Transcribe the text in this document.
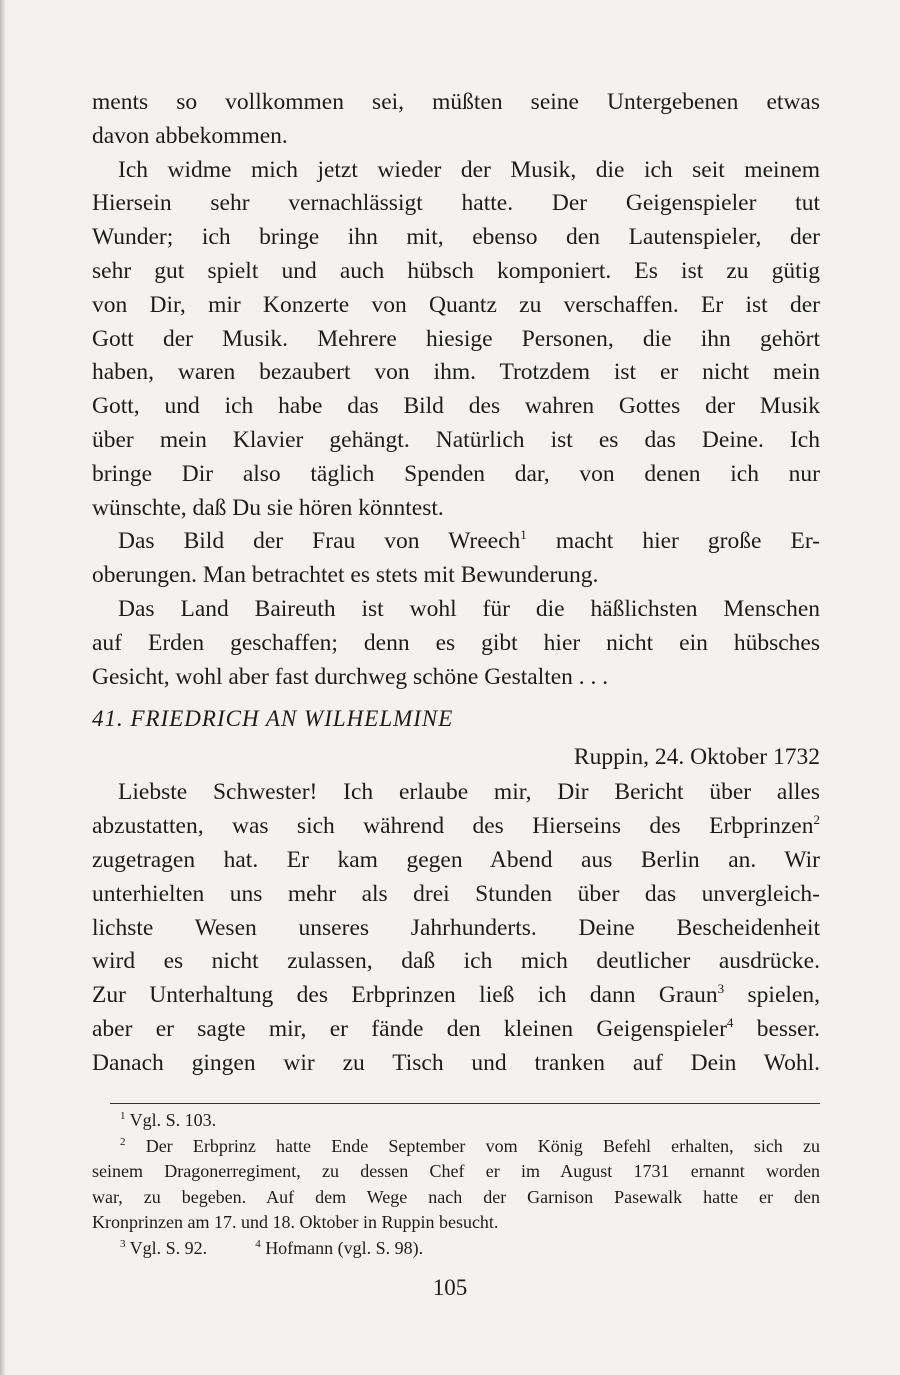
ments so vollkommen sei, müßten seine Untergebenen etwas
davon abbekommen.
Ich widme mich jetzt wieder der Musik, die ich seit meinem
Hiersein sehr vernachlässigt hatte. Der Geigenspieler tut
Wunder; ich bringe ihn mit, ebenso den Lautenspieler, der
sehr gut spielt und auch hübsch komponiert. Es ist zu gütig
von Dir, mir Konzerte von Quantz zu verschaffen. Er ist der
Gott der Musik. Mehrere hiesige Personen, die ihn gehört
haben, waren bezaubert von ihm. Trotzdem ist er nicht mein
Gott, und ich habe das Bild des wahren Gottes der Musik
über mein Klavier gehängt. Natürlich ist es das Deine. Ich
bringe Dir also täglich Spenden dar, von denen ich nur
wünschte, daß Du sie hören könntest.
Das Bild der Frau von Wreech$^1$ macht hier große Er-
oberungen. Man betrachtet es stets mit Bewunderung.
Das Land Baireuth ist wohl für die häßlichsten Menschen
auf Erden geschaffen; denn es gibt hier nicht ein hübsches
Gesicht, wohl aber fast durchweg schöne Gestalten . . .
41. FRIEDRICH AN WILHELMINE
Ruppin, 24. Oktober 1732
Liebste Schwester! Ich erlaube mir, Dir Bericht über alles
abzustatten, was sich während des Hierseins des Erbprinzen$^2$
zugetragen hat. Er kam gegen Abend aus Berlin an. Wir
unterhielten uns mehr als drei Stunden über das unvergleich-
lichste Wesen unseres Jahrhunderts. Deine Bescheidenheit
wird es nicht zulassen, daß ich mich deutlicher ausdrücke.
Zur Unterhaltung des Erbprinzen ließ ich dann Graun$^3$ spielen,
aber er sagte mir, er fände den kleinen Geigenspieler$^4$ besser.
Danach gingen wir zu Tisch und tranken auf Dein Wohl.
$^1$ Vgl. S. 103.
$^2$ Der Erbprinz hatte Ende September vom König Befehl erhalten, sich zu
seinem Dragonerregiment, zu dessen Chef er im August 1731 ernannt worden
war, zu begeben. Auf dem Wege nach der Garnison Pasewalk hatte er den
Kronprinzen am 17. und 18. Oktober in Ruppin besucht.
$^3$ Vgl. S. 92.	$^4$ Hofmann (vgl. S. 98).
105
